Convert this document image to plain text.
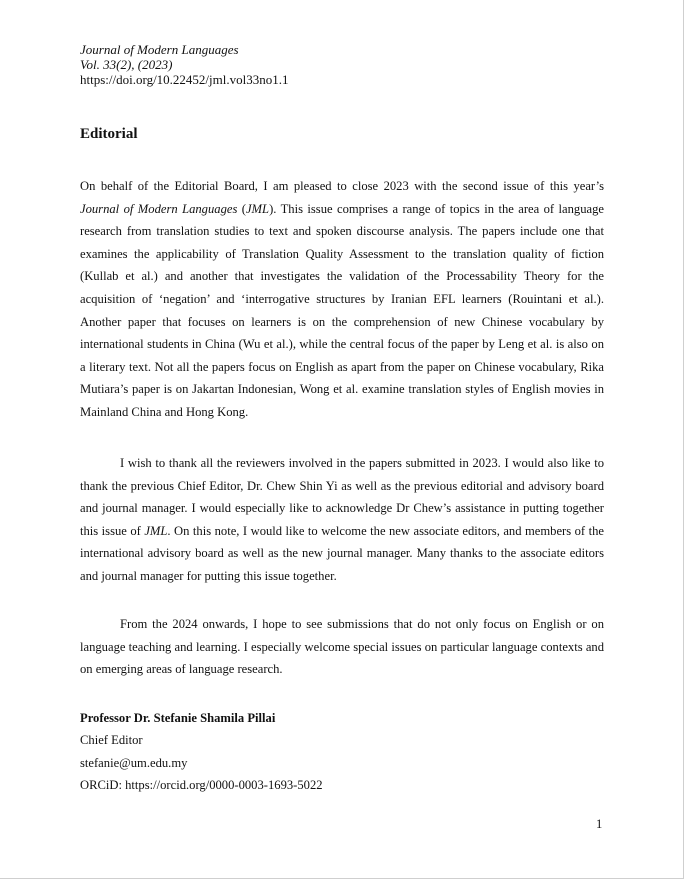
Journal of Modern Languages
Vol. 33(2), (2023)
https://doi.org/10.22452/jml.vol33no1.1
Editorial

On behalf of the Editorial Board, I am pleased to close 2023 with the second issue of this year’s Journal of Modern Languages (JML). This issue comprises a range of topics in the area of language research from translation studies to text and spoken discourse analysis. The papers include one that examines the applicability of Translation Quality Assessment to the translation quality of fiction (Kullab et al.) and another that investigates the validation of the Processability Theory for the acquisition of ‘negation’ and ‘interrogative structures by Iranian EFL learners (Rouintani et al.). Another paper that focuses on learners is on the comprehension of new Chinese vocabulary by international students in China (Wu et al.), while the central focus of the paper by Leng et al. is also on a literary text. Not all the papers focus on English as apart from the paper on Chinese vocabulary, Rika Mutiara’s paper is on Jakartan Indonesian, Wong et al. examine translation styles of English movies in Mainland China and Hong Kong.

I wish to thank all the reviewers involved in the papers submitted in 2023. I would also like to thank the previous Chief Editor, Dr. Chew Shin Yi as well as the previous editorial and advisory board and journal manager. I would especially like to acknowledge Dr Chew’s assistance in putting together this issue of JML. On this note, I would like to welcome the new associate editors, and members of the international advisory board as well as the new journal manager. Many thanks to the associate editors and journal manager for putting this issue together.

From the 2024 onwards, I hope to see submissions that do not only focus on English or on language teaching and learning. I especially welcome special issues on particular language contexts and on emerging areas of language research.

Professor Dr. Stefanie Shamila Pillai
Chief Editor
stefanie@um.edu.my
ORCiD: https://orcid.org/0000-0003-1693-5022
1
